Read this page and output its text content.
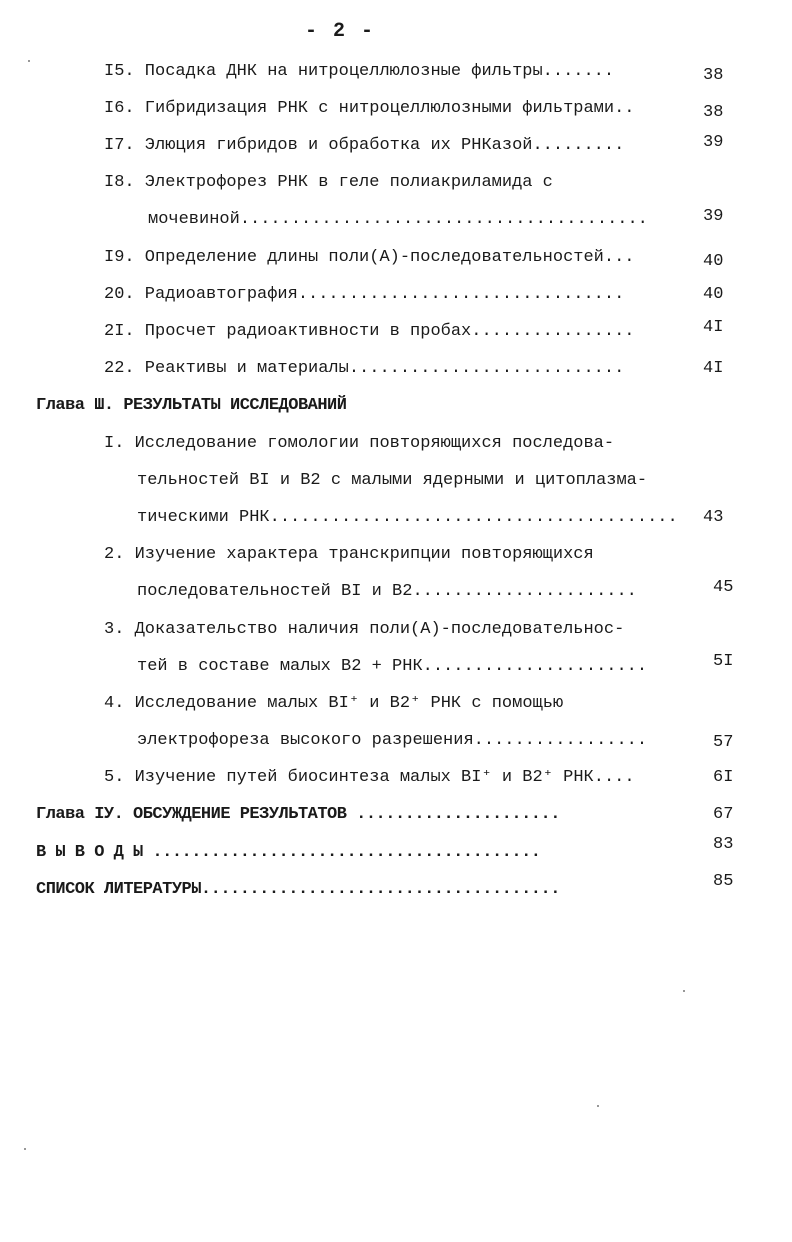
- 2 -
I5. Посадка ДНК на нитроцеллюлозные фильтры.......	38
I6. Гибридизация РНК с нитроцеллюлозными фильтрами..	38
I7. Элюция гибридов и обработка их РНКазой.........	39
I8. Электрофорез РНК в геле полиакриламида с
мочевиной........................................	39
I9. Определение длины поли(А)-последовательностей...	40
20. Радиоавтография................................	40
2I. Просчет радиоактивности в пробах................	4I
22. Реактивы и материалы...........................	4I
Глава Ш. РЕЗУЛЬТАТЫ ИССЛЕДОВАНИЙ
I. Исследование гомологии повторяющихся последова-
тельностей BI и B2 с малыми ядерными и цитоплазма-
тическими РНК........................................ 43
2. Изучение характера транскрипции повторяющихся
последовательностей BI и B2......................	45
3. Доказательство наличия поли(А)-последовательнос-
тей в составе малых B2 + РНК......................	5I
4. Исследование малых BI⁺ и B2⁺ РНК с помощью
электрофореза высокого разрешения.................	57
5. Изучение путей биосинтеза малых BI⁺ и B2⁺ РНК....	6I
Глава IУ. ОБСУЖДЕНИЕ РЕЗУЛЬТАТОВ .....................	67
В Ы В О Д Ы ........................................	83
СПИСОК ЛИТЕРАТУРЫ.....................................	85
